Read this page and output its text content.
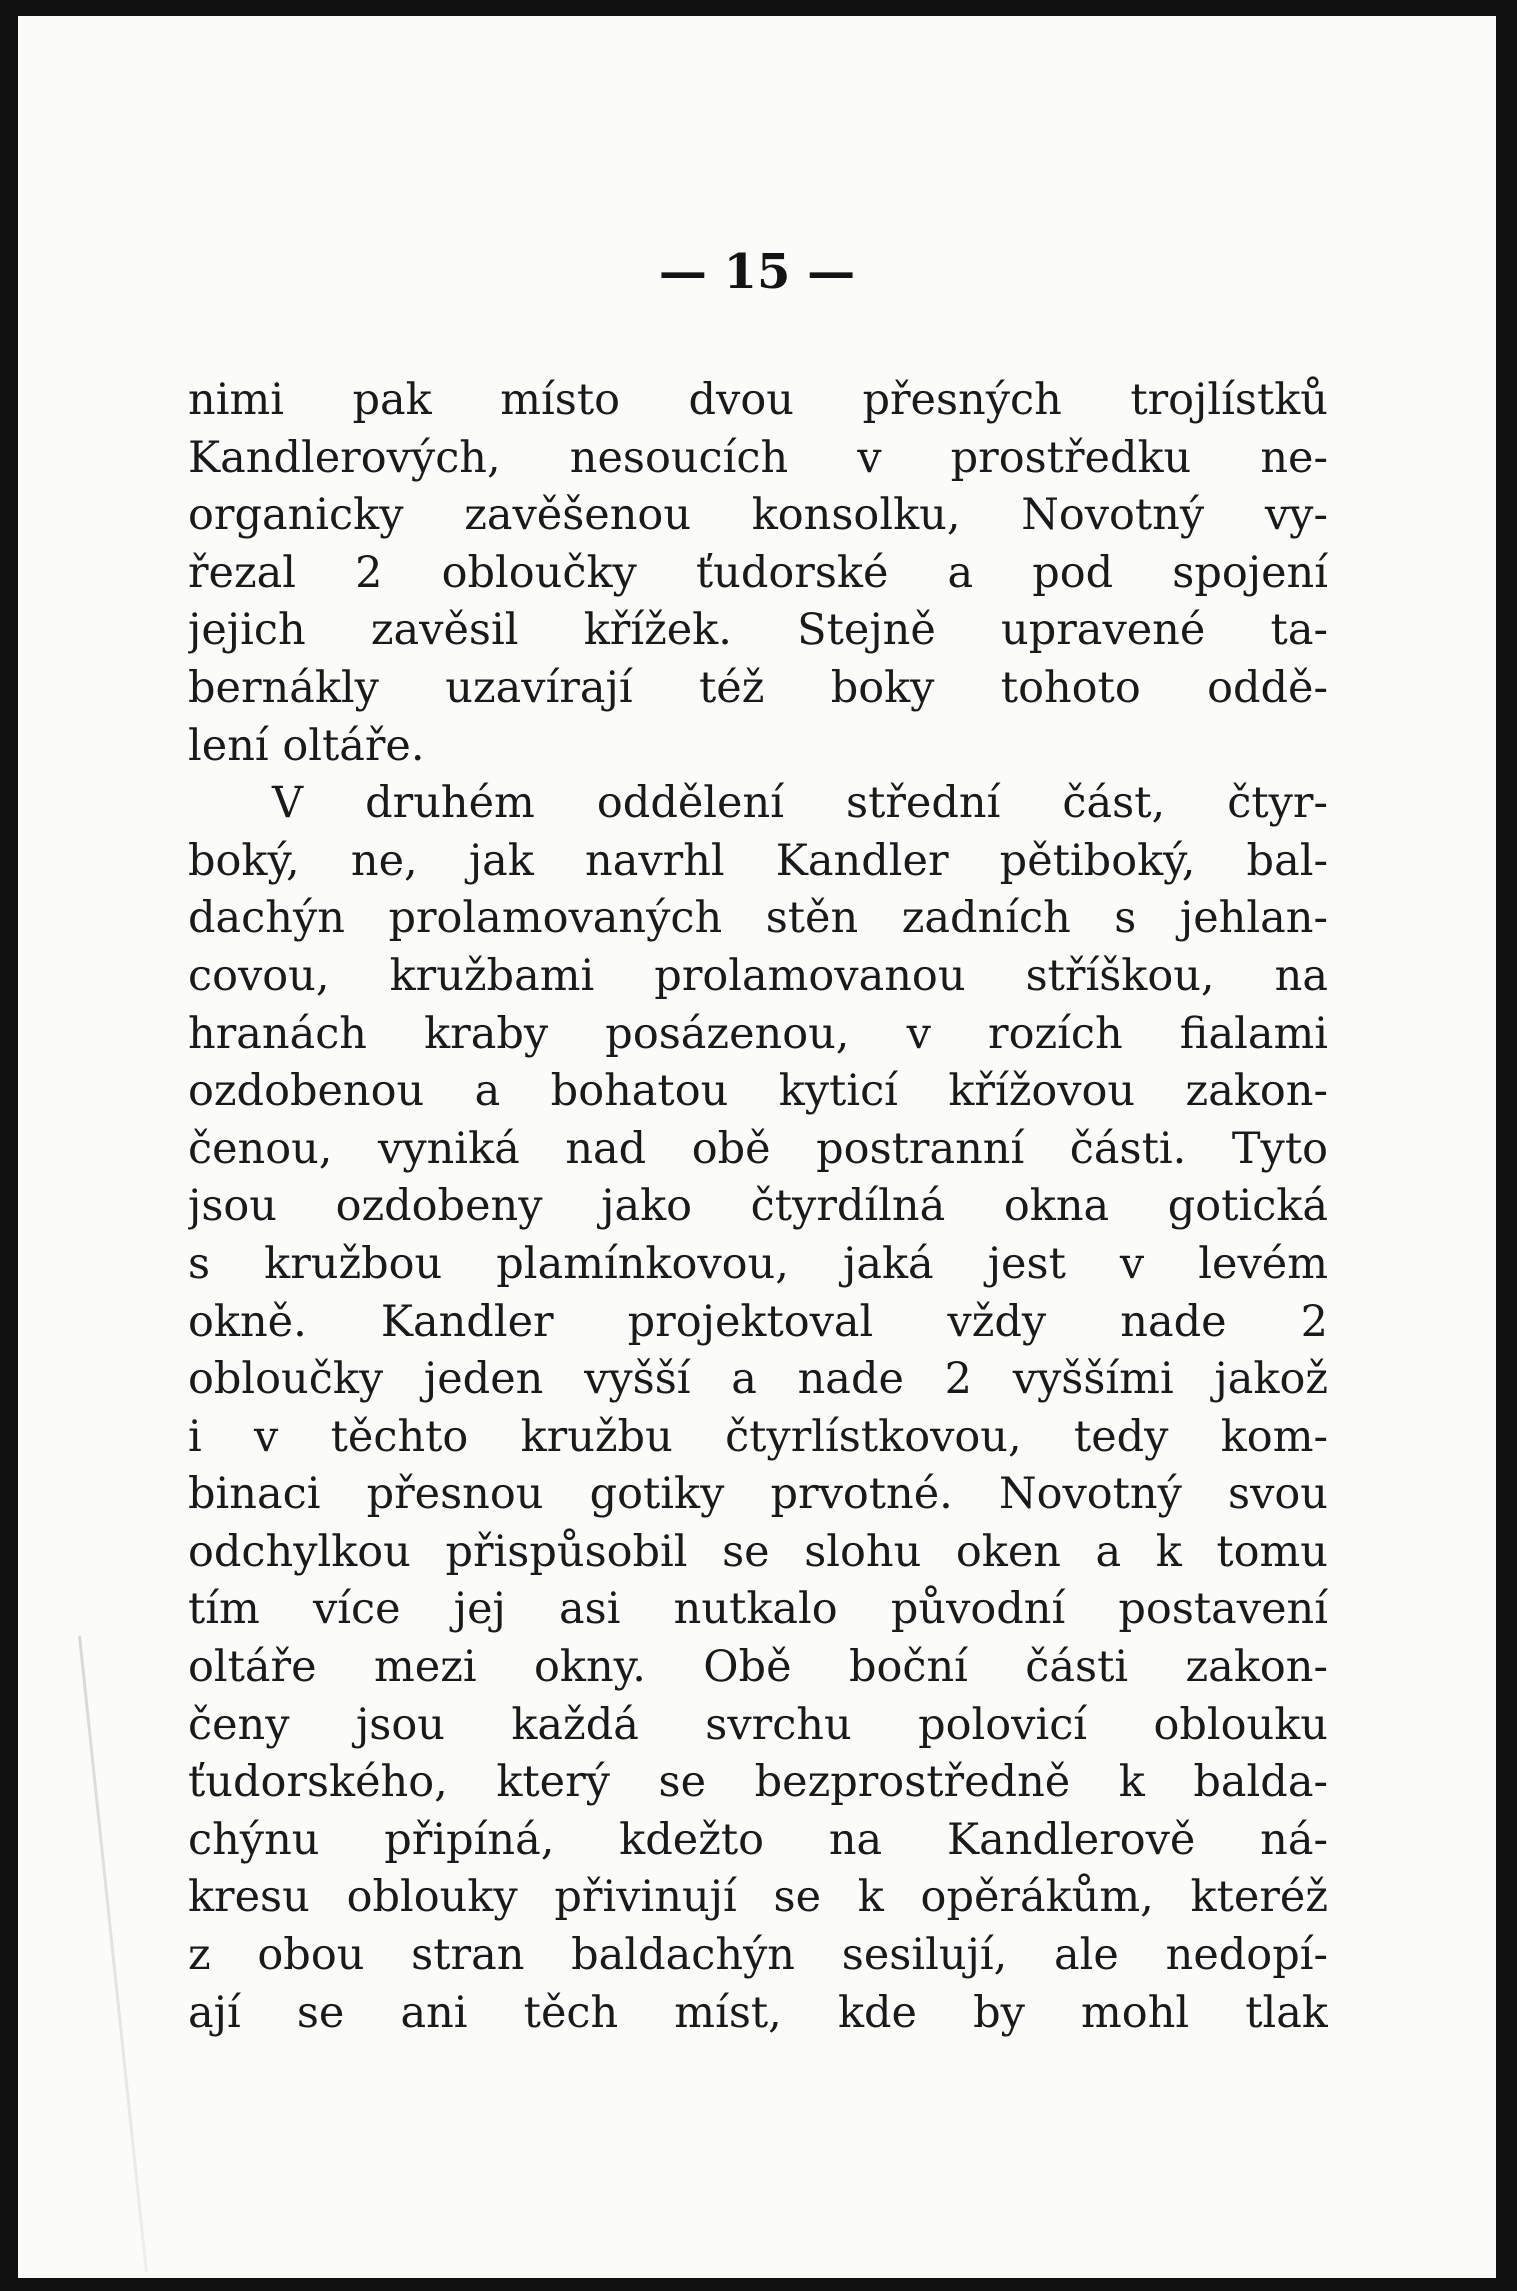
— 15 —
nimi pak místo dvou přesných trojlístků
Kandlerových, nesoucích v prostředku ne-
organicky zavěšenou konsolku, Novotný vy-
řezal 2 obloučky ťudorské a pod spojení
jejich zavěsil křížek. Stejně upravené ta-
bernákly uzavírají též boky tohoto oddě-
lení oltáře.
V druhém oddělení střední část, čtyr-
boký, ne, jak navrhl Kandler pětiboký, bal-
dachýn prolamovaných stěn zadních s jehlan-
covou, kružbami prolamovanou stříškou, na
hranách kraby posázenou, v rozích fialami
ozdobenou a bohatou kyticí křížovou zakon-
čenou, vyniká nad obě postranní části. Tyto
jsou ozdobeny jako čtyrdílná okna gotická
s kružbou plamínkovou, jaká jest v levém
okně. Kandler projektoval vždy nade 2
obloučky jeden vyšší a nade 2 vyššími jakož
i v těchto kružbu čtyrlístkovou, tedy kom-
binaci přesnou gotiky prvotné. Novotný svou
odchylkou přispůsobil se slohu oken a k tomu
tím více jej asi nutkalo původní postavení
oltáře mezi okny. Obě boční části zakon-
čeny jsou každá svrchu polovicí oblouku
ťudorského, který se bezprostředně k balda-
chýnu připíná, kdežto na Kandlerově ná-
kresu oblouky přivinují se k opěrákům, kteréž
z obou stran baldachýn sesilují, ale nedopí-
ají se ani těch míst, kde by mohl tlak
